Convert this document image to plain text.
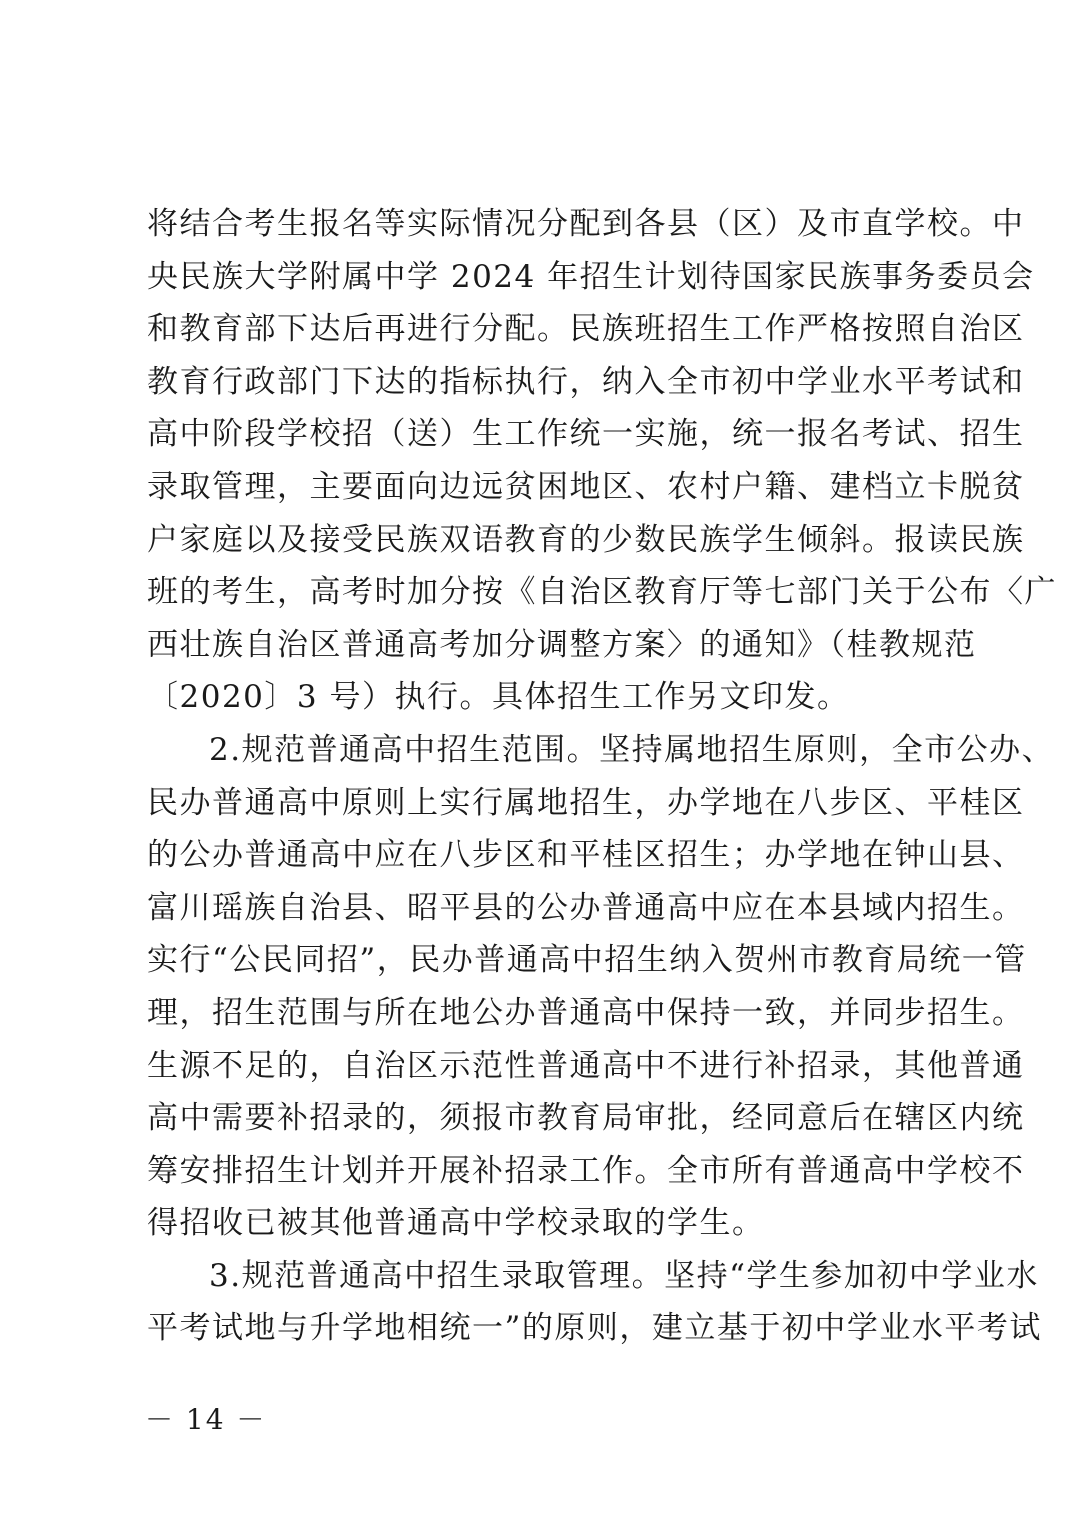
将结合考生报名等实际情况分配到各县（区）及市直学校。中
央民族大学附属中学 2024 年招生计划待国家民族事务委员会
和教育部下达后再进行分配。民族班招生工作严格按照自治区
教育行政部门下达的指标执行，纳入全市初中学业水平考试和
高中阶段学校招（送）生工作统一实施，统一报名考试、招生
录取管理，主要面向边远贫困地区、农村户籍、建档立卡脱贫
户家庭以及接受民族双语教育的少数民族学生倾斜。报读民族
班的考生，高考时加分按《自治区教育厅等七部门关于公布〈广
西壮族自治区普通高考加分调整方案〉的通知》（桂教规范
〔2020〕3 号）执行。具体招生工作另文印发。
2.规范普通高中招生范围。坚持属地招生原则，全市公办、
民办普通高中原则上实行属地招生，办学地在八步区、平桂区
的公办普通高中应在八步区和平桂区招生；办学地在钟山县、
富川瑶族自治县、昭平县的公办普通高中应在本县域内招生。
实行“公民同招”，民办普通高中招生纳入贺州市教育局统一管
理，招生范围与所在地公办普通高中保持一致，并同步招生。
生源不足的，自治区示范性普通高中不进行补招录，其他普通
高中需要补招录的，须报市教育局审批，经同意后在辖区内统
筹安排招生计划并开展补招录工作。全市所有普通高中学校不
得招收已被其他普通高中学校录取的学生。
3.规范普通高中招生录取管理。坚持“学生参加初中学业水
平考试地与升学地相统一”的原则，建立基于初中学业水平考试
－ 14 －
